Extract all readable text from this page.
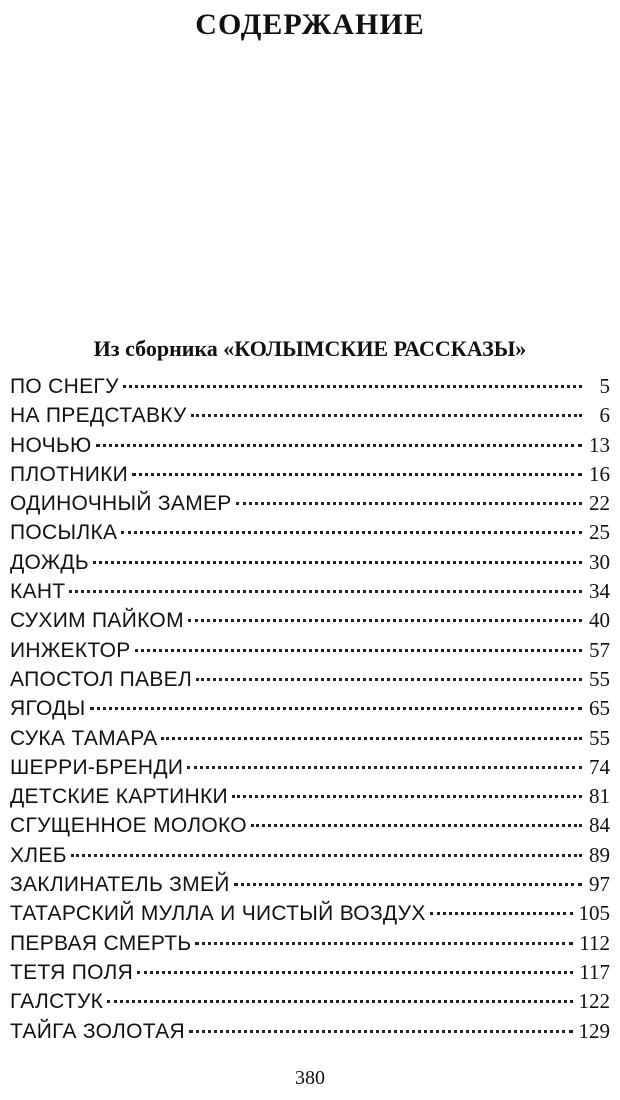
СОДЕРЖАНИЕ
Из сборника «КОЛЫМСКИЕ РАССКАЗЫ»
ПО СНЕГУ	5
НА ПРЕДСТАВКУ	6
НОЧЬЮ	13
ПЛОТНИКИ	16
ОДИНОЧНЫЙ ЗАМЕР	22
ПОСЫЛКА	25
ДОЖДЬ	30
КАНТ	34
СУХИМ ПАЙКОМ	40
ИНЖЕКТОР	57
АПОСТОЛ ПАВЕЛ	55
ЯГОДЫ	65
СУКА ТАМАРА	55
ШЕРРИ-БРЕНДИ	74
ДЕТСКИЕ КАРТИНКИ	81
СГУЩЕННОЕ МОЛОКО	84
ХЛЕБ	89
ЗАКЛИНАТЕЛЬ ЗМЕЙ	97
ТАТАРСКИЙ МУЛЛА И ЧИСТЫЙ ВОЗДУХ	105
ПЕРВАЯ СМЕРТЬ	112
ТЕТЯ ПОЛЯ	117
ГАЛСТУК	122
ТАЙГА ЗОЛОТАЯ	129
380
